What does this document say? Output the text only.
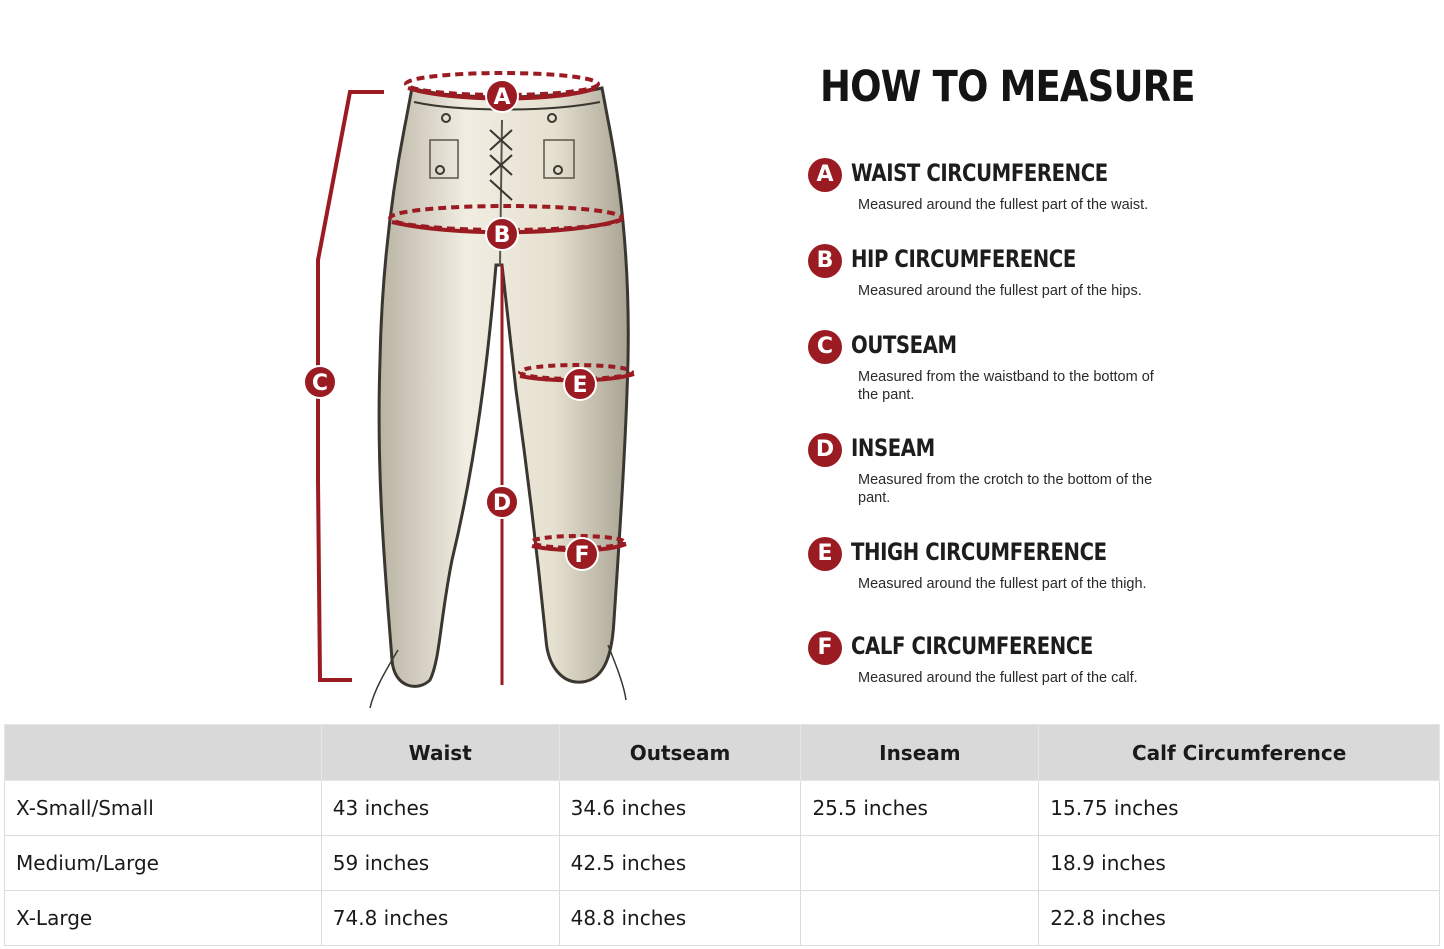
A
B
C
D
E
F
HOW TO MEASURE
A WAIST CIRCUMFERENCE
Measured around the fullest part of the waist.
B HIP CIRCUMFERENCE
Measured around the fullest part of the hips.
C OUTSEAM
Measured from the waistband to the bottom of the pant.
D INSEAM
Measured from the crotch to the bottom of the pant.
E THIGH CIRCUMFERENCE
Measured around the fullest part of the thigh.
F CALF CIRCUMFERENCE
Measured around the fullest part of the calf.
	Waist	Outseam	Inseam	Calf Circumference
X-Small/Small	43 inches	34.6 inches	25.5 inches	15.75 inches
Medium/Large	59 inches	42.5 inches		18.9 inches
X-Large	74.8 inches	48.8 inches		22.8 inches
